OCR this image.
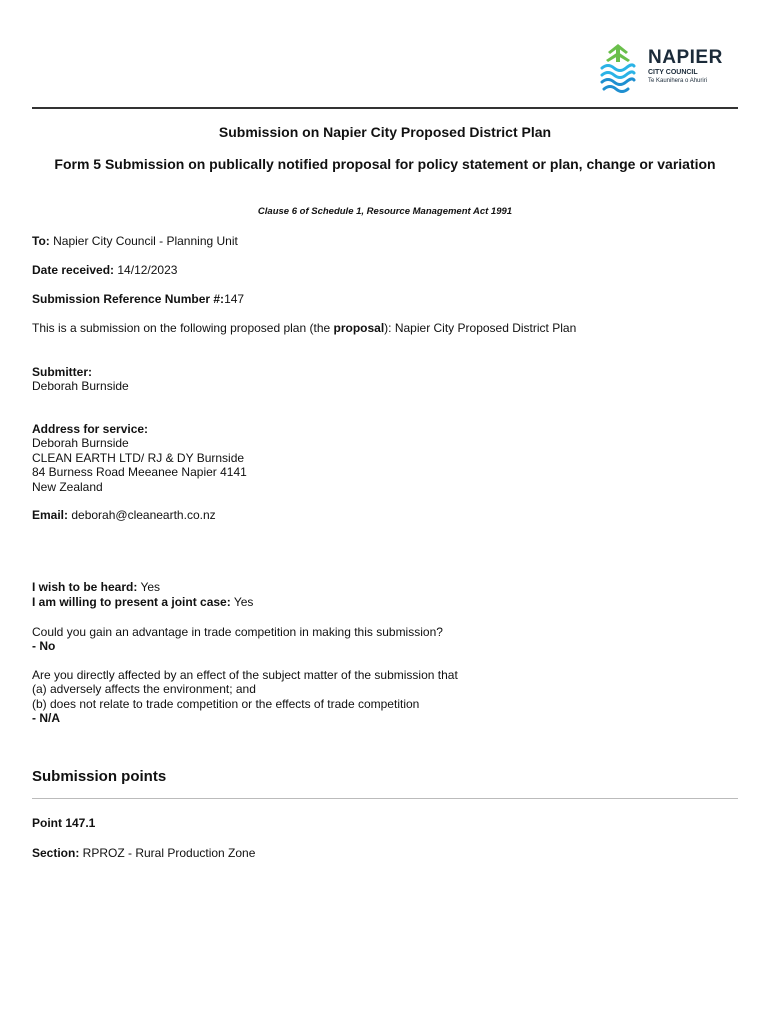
NAPIER
CITY COUNCIL
Te Kaunihera o Ahuriri
Submission on Napier City Proposed District Plan
Form 5 Submission on publically notified proposal for policy statement or plan, change or variation
Clause 6 of Schedule 1, Resource Management Act 1991
To: Napier City Council - Planning Unit
Date received: 14/12/2023
Submission Reference Number #:147
This is a submission on the following proposed plan (the proposal): Napier City Proposed District Plan
Submitter:
Deborah Burnside
Address for service:
Deborah Burnside
CLEAN EARTH LTD/ RJ & DY Burnside
84 Burness Road Meeanee Napier 4141
New Zealand
Email: deborah@cleanearth.co.nz
I wish to be heard: Yes
I am willing to present a joint case: Yes
Could you gain an advantage in trade competition in making this submission?
- No
Are you directly affected by an effect of the subject matter of the submission that
(a) adversely affects the environment; and
(b) does not relate to trade competition or the effects of trade competition
- N/A
Submission points
Point 147.1
Section: RPROZ - Rural Production Zone
